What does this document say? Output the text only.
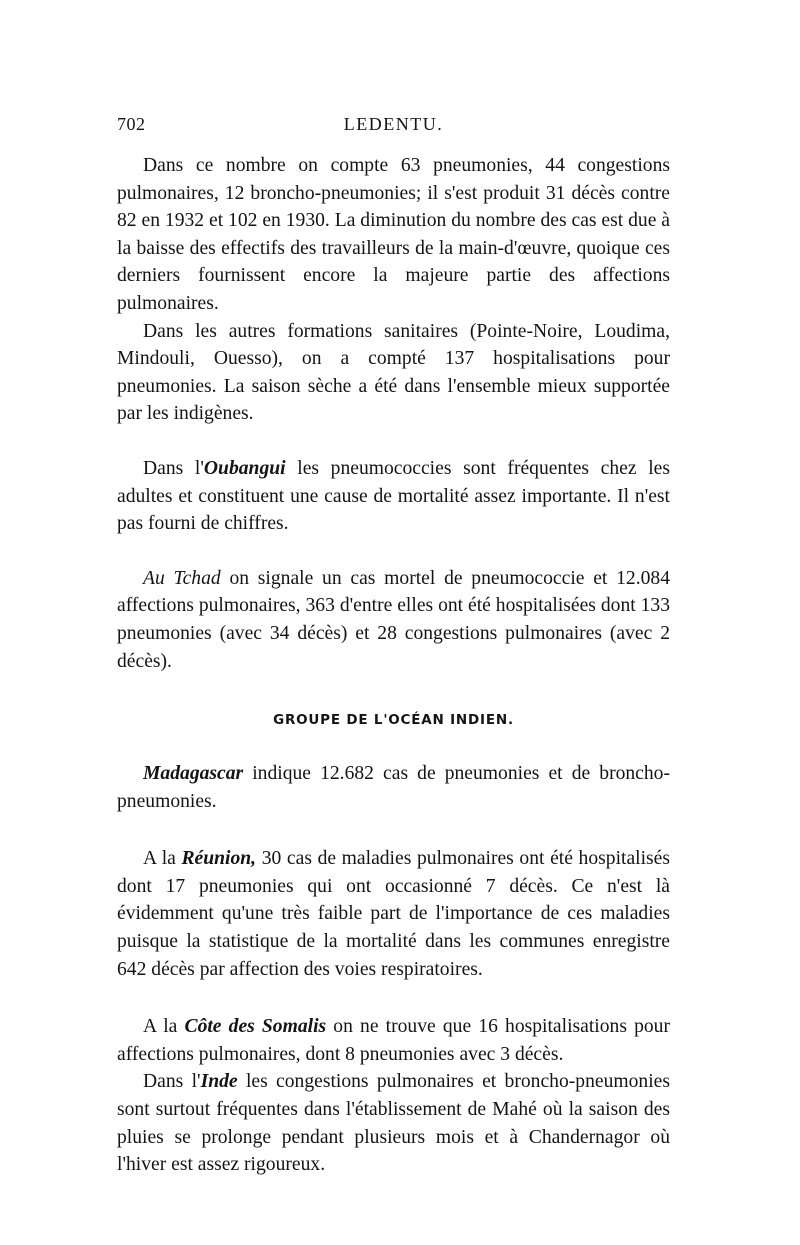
702	LEDENTU.

Dans ce nombre on compte 63 pneumonies, 44 congestions pulmonaires, 12 broncho-pneumonies; il s'est produit 31 décès contre 82 en 1932 et 102 en 1930. La diminution du nombre des cas est due à la baisse des effectifs des travailleurs de la main-d'œuvre, quoique ces derniers fournissent encore la majeure partie des affections pulmonaires.

Dans les autres formations sanitaires (Pointe-Noire, Loudima, Mindouli, Ouesso), on a compté 137 hospitalisations pour pneumonies. La saison sèche a été dans l'ensemble mieux supportée par les indigènes.

Dans l'Oubangui les pneumococcies sont fréquentes chez les adultes et constituent une cause de mortalité assez importante. Il n'est pas fourni de chiffres.

Au Tchad on signale un cas mortel de pneumococcie et 12.084 affections pulmonaires, 363 d'entre elles ont été hospitalisées dont 133 pneumonies (avec 34 décès) et 28 congestions pulmonaires (avec 2 décès).

GROUPE DE L'OCÉAN INDIEN.

Madagascar indique 12.682 cas de pneumonies et de broncho-pneumonies.

A la Réunion, 30 cas de maladies pulmonaires ont été hospitalisés dont 17 pneumonies qui ont occasionné 7 décès. Ce n'est là évidemment qu'une très faible part de l'importance de ces maladies puisque la statistique de la mortalité dans les communes enregistre 642 décès par affection des voies respiratoires.

A la Côte des Somalis on ne trouve que 16 hospitalisations pour affections pulmonaires, dont 8 pneumonies avec 3 décès.

Dans l'Inde les congestions pulmonaires et broncho-pneumonies sont surtout fréquentes dans l'établissement de Mahé où la saison des pluies se prolonge pendant plusieurs mois et à Chandernagor où l'hiver est assez rigoureux.
